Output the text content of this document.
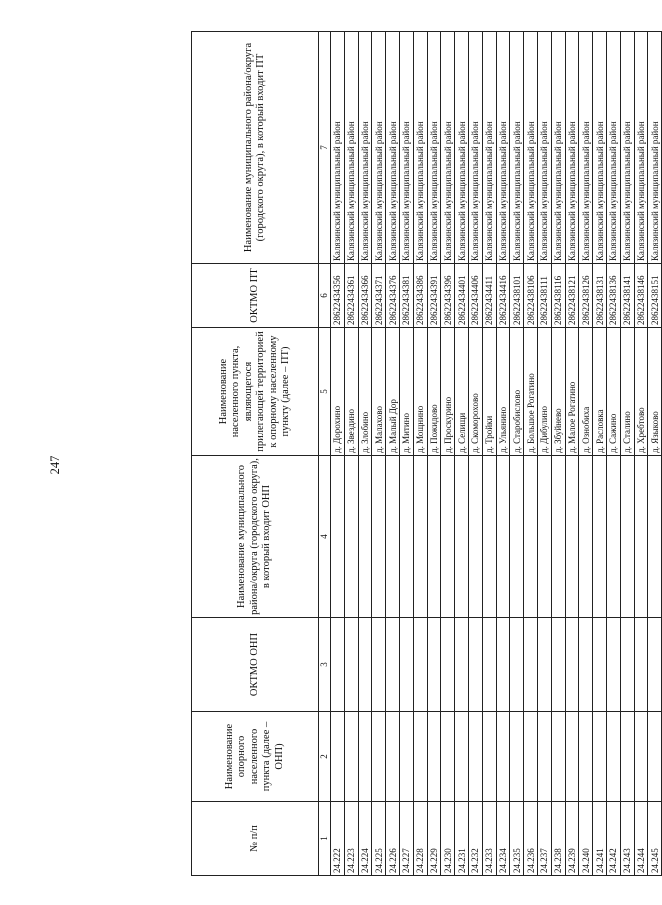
247
№ п/п	Наименование опорного населенного пункта (далее – ОНП)	ОКТМО ОНП	Наименование муниципального района/округа (городского округа), в который входит ОНП	Наименование населенного пункта, являющегося прилегающей территорией к опорному населенному пункту (далее – ПТ)	ОКТМО ПТ	Наименование муниципального района/округа (городского округа), в который входит ПТ
1	2	3	4	5	6	7
24.222				д. Дорохино	28622434356	Калязинский муниципальный район
24.223				д. Звездино	28622434361	Калязинский муниципальный район
24.224				д. Злобино	28622434366	Калязинский муниципальный район
24.225				д. Малахово	28622434371	Калязинский муниципальный район
24.226				д. Малый Дор	28622434376	Калязинский муниципальный район
24.227				д. Митино	28622434381	Калязинский муниципальный район
24.228				д. Мощнино	28622434386	Калязинский муниципальный район
24.229				д. Пожидово	28622434391	Калязинский муниципальный район
24.230				д. Проскурино	28622434396	Калязинский муниципальный район
24.231				д. Селищи	28622434401	Калязинский муниципальный район
24.232				д. Скомороховo	28622434406	Калязинский муниципальный район
24.233				д. Тройки	28622434411	Калязинский муниципальный район
24.234				д. Ульянино	28622434416	Калязинский муниципальный район
24.235				д. Старобислово	28622438101	Калязинский муниципальный район
24.236				д. Большое Рогатино	28622438106	Калязинский муниципальный район
24.237				д. Дибулино	28622438111	Калязинский муниципальный район
24.238				д. Збуйнево	28622438116	Калязинский муниципальный район
24.239				д. Малое Рогатино	28622438121	Калязинский муниципальный район
24.240				д. Ознобиха	28622438126	Калязинский муниципальный район
24.241				д. Расловка	28622438131	Калязинский муниципальный район
24.242				д. Сажино	28622438136	Калязинский муниципальный район
24.243				д. Сталино	28622438141	Калязинский муниципальный район
24.244				д. Хребтово	28622438146	Калязинский муниципальный район
24.245				д. Языково	28622438151	Калязинский муниципальный район
